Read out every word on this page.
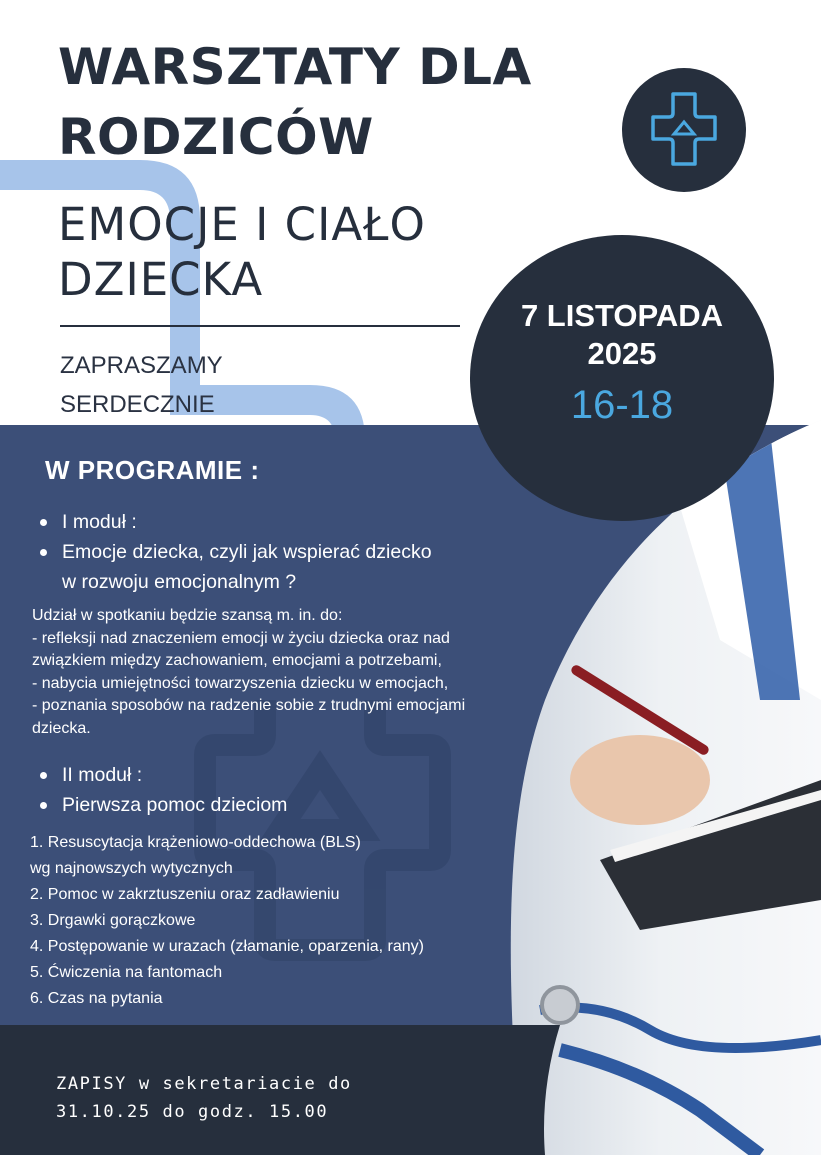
WARSZTATY DLA
RODZICÓW
EMOCJE I CIAŁO
DZIECKA
ZAPRASZAMY
SERDECZNIE
7 LISTOPADA
2025
16-18
W PROGRAMIE :
I moduł :
Emocje dziecka, czyli jak wspierać dziecko
w rozwoju emocjonalnym ?
Udział w spotkaniu będzie szansą m. in. do:
- refleksji nad znaczeniem emocji w życiu dziecka oraz nad
związkiem między zachowaniem, emocjami a potrzebami,
- nabycia umiejętności towarzyszenia dziecku w emocjach,
- poznania sposobów na radzenie sobie z trudnymi emocjami
dziecka.
II moduł :
Pierwsza pomoc dzieciom
1. Resuscytacja krążeniowo-oddechowa (BLS)
wg najnowszych wytycznych
2. Pomoc w zakrztuszeniu oraz zadławieniu
3. Drgawki gorączkowe
4. Postępowanie w urazach (złamanie, oparzenia, rany)
5. Ćwiczenia na fantomach
6. Czas na pytania
ZAPISY w sekretariacie do
31.10.25 do godz. 15.00
